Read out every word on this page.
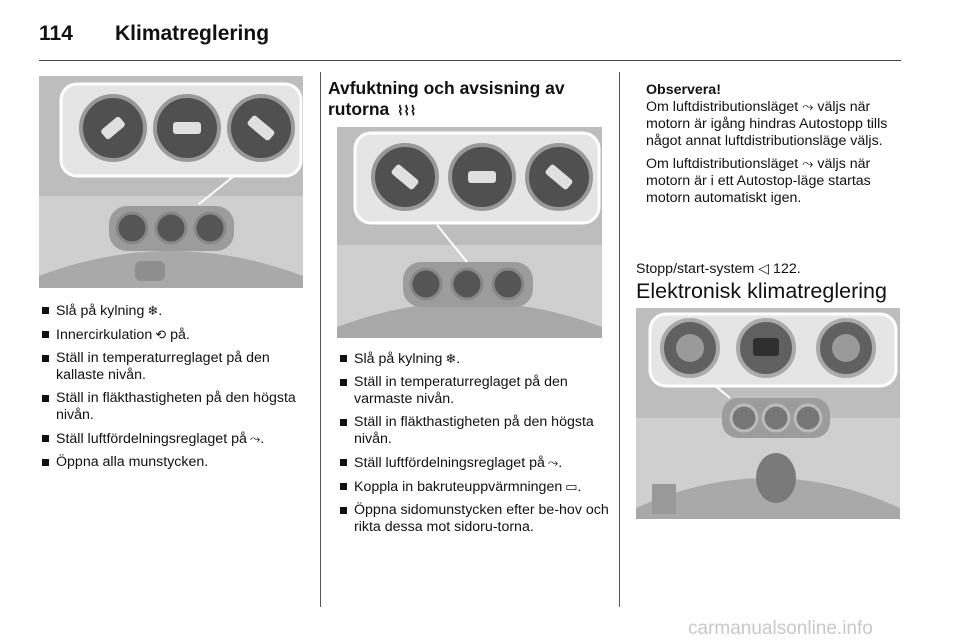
114 Klimatreglering
Slå på kylning ❄.
Innercirkulation ⟲ på.
Ställ in temperaturreglaget på den kallaste nivån.
Ställ in fläkthastigheten på den högsta nivån.
Ställ luftfördelningsreglaget på ⤳.
Öppna alla munstycken.
Avfuktning och avsisning av rutorna ⌇⌇⌇
Slå på kylning ❄.
Ställ in temperaturreglaget på den varmaste nivån.
Ställ in fläkthastigheten på den högsta nivån.
Ställ luftfördelningsreglaget på ⤳.
Koppla in bakruteuppvärmningen ▭.
Öppna sidomunstycken efter be-hov och rikta dessa mot sidoru-torna.
Observera!

Om luftdistributionsläget ⤳ väljs när motorn är igång hindras Autostopp tills något annat luftdistributionsläge väljs.

Om luftdistributionsläget ⤳ väljs när motorn är i ett Autostop-läge startas motorn automatiskt igen.

Stopp/start-system ◁ 122.
Elektronisk klimatreglering
carmanualsonline.info
